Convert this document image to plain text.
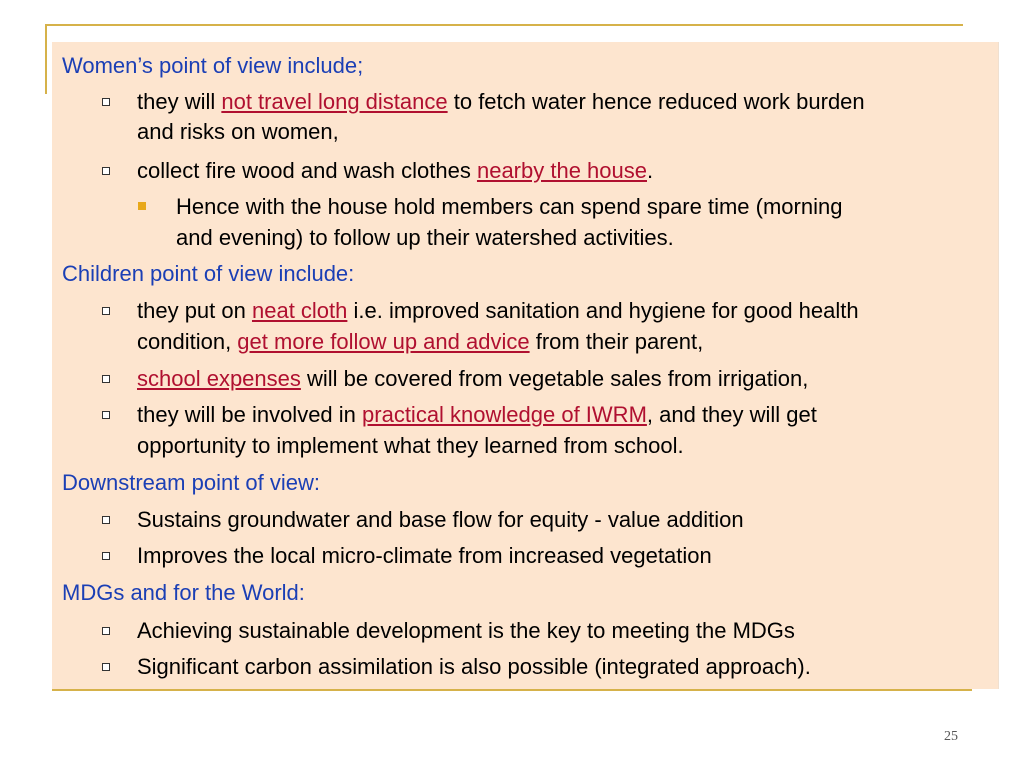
Women’s point of view include;
they will not travel long distance to fetch water hence reduced work burden
and risks on women,
collect fire wood and wash clothes nearby the house.
Hence with the house hold members can spend spare time (morning
and evening) to follow up their watershed activities.
Children point of view include:
they put on neat cloth i.e. improved sanitation and hygiene for good health
condition, get more follow up and advice from their parent,
school expenses will be covered from vegetable sales from irrigation,
they will be involved in practical knowledge of IWRM, and they will get
opportunity to implement what they learned from school.
Downstream point of view:
Sustains groundwater and base flow for equity - value addition
Improves the local micro-climate from increased vegetation
MDGs and for the World:
Achieving sustainable development is the key to meeting the MDGs
Significant carbon assimilation is also possible (integrated approach).
25
